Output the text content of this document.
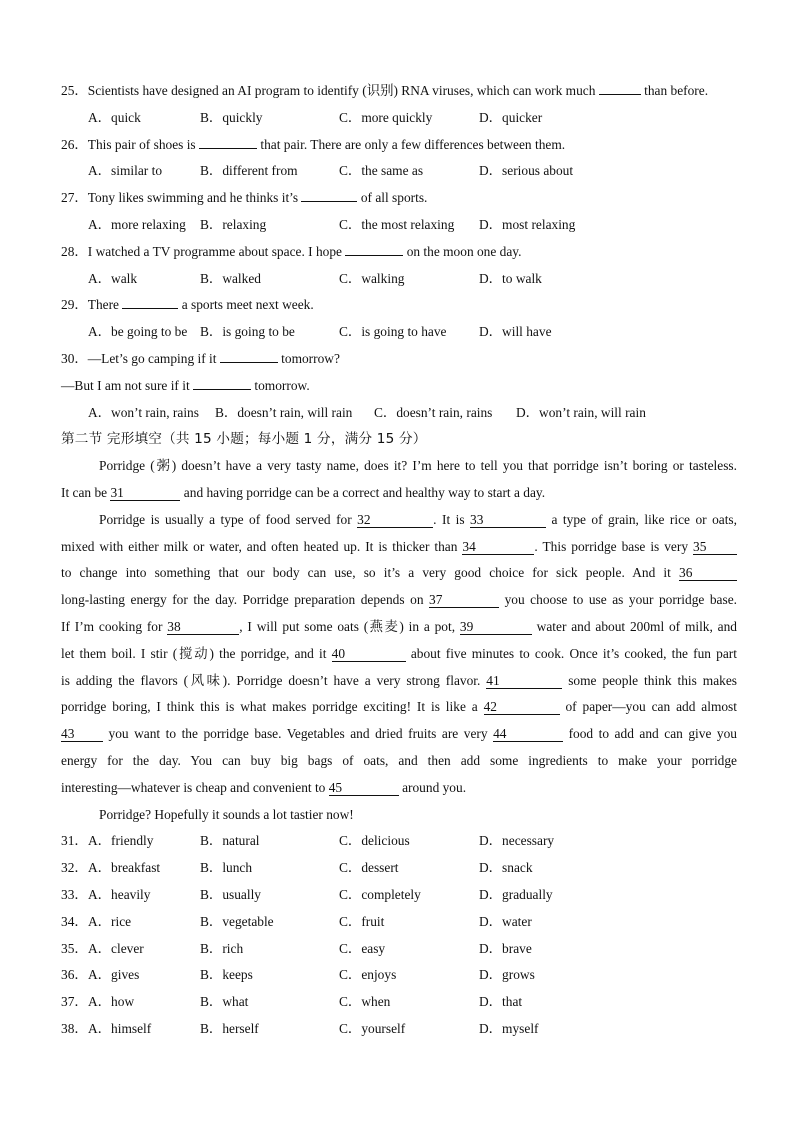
25．Scientists have designed an AI program to identify (识别) RNA viruses, which can work much	than before.
A．quick	B．quickly	C．more quickly	D．quicker
26．This pair of shoes is	that pair. There are only a few differences between them.
A．similar to	B．different from	C．the same as	D．serious about
27．Tony likes swimming and he thinks it’s	of all sports.
A．more relaxing B．relaxing	C．the most relaxing D．most relaxing
28．I watched a TV programme about space. I hope	on the moon one day.
A．walk	B．walked	C．walking	D．to walk
29．There	a sports meet next week.
A．be going to be B．is going to be	C．is going to have D．will have
30．—Let’s go camping if it	tomorrow?
—But I am not sure if it	tomorrow.
A．won’t rain, rains B．doesn’t rain, will rain C．doesn’t rain, rains D．won’t rain, will rain
第二节 完形填空（共 15 小题；每小题 1 分，满分 15 分）
Porridge (粥) doesn’t have a very tasty name, does it? I’m here to tell you that porridge isn’t boring or tasteless.
It can be 31	and having porridge can be a correct and healthy way to start a day.
Porridge is usually a type of food served for 32	. It is 33	a type of grain, like rice or oats,
mixed with either milk or water, and often heated up. It is thicker than 34	. This porridge base is very 35
to change into something that our body can use, so it’s a very good choice for sick people. And it 36
long-lasting energy for the day. Porridge preparation depends on 37	you choose to use as your porridge base.
If I’m cooking for 38	, I will put some oats (燕麦) in a pot, 39	water and about 200ml of milk, and
let them boil. I stir (搅动) the porridge, and it 40	about five minutes to cook. Once it’s cooked, the fun part
is adding the flavors (风味). Porridge doesn’t have a very strong flavor. 41	some people think this makes
porridge boring, I think this is what makes porridge exciting! It is like a 42	of paper—you can add almost
43 you want to the porridge base. Vegetables and dried fruits are very 44	food to add and can give you
energy for the day. You can buy big bags of oats, and then add some ingredients to make your porridge
interesting—whatever is cheap and convenient to 45	around you.
Porridge? Hopefully it sounds a lot tastier now!
31． A．friendly	B．natural	C．delicious	D．necessary
32． A．breakfast	B．lunch	C．dessert	D．snack
33． A．heavily	B．usually	C．completely	D．gradually
34． A．rice	B．vegetable	C．fruit	D．water
35． A．clever	B．rich	C．easy	D．brave
36． A．gives	B．keeps	C．enjoys	D．grows
37． A．how	B．what	C．when	D．that
38． A．himself	B．herself	C．yourself	D．myself
